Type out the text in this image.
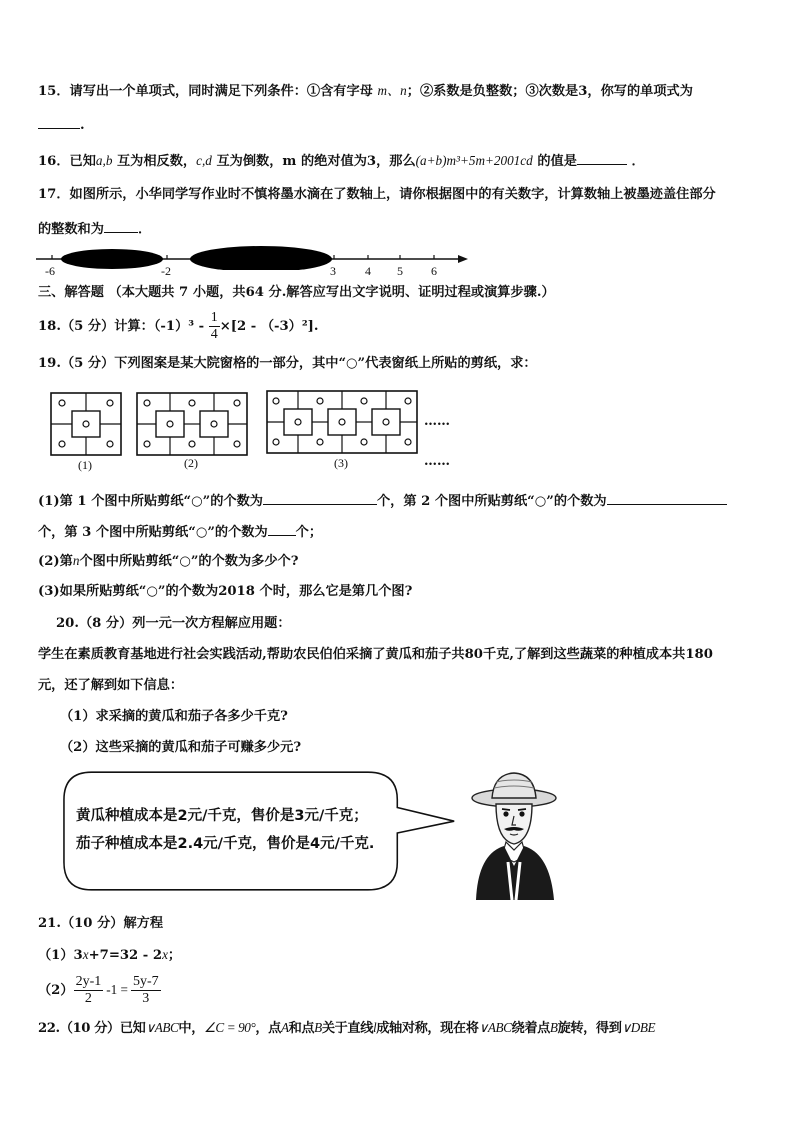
15．请写出一个单项式，同时满足下列条件：①含有字母 m、n；②系数是负整数；③次数是3，你写的单项式为
.
16．已知a,b 互为相反数，c,d 互为倒数，m 的绝对值为3，那么(a+b)m³+5m+2001cd 的值是	．
17．如图所示，小华同学写作业时不慎将墨水滴在了数轴上，请你根据图中的有关数字，计算数轴上被墨迹盖住部分
的整数和为	．
-6	-2	3 4 5 6
三、解答题 （本大题共 7 小题，共64 分.解答应写出文字说明、证明过程或演算步骤.）
18.（5 分）计算：$(-1)^3 - \frac{1}{4} \times[2 - (-3)^2]$.
19.（5 分）下列图案是某大院窗格的一部分，其中“○”代表窗纸上所贴的剪纸，求：
……
……
(1)	(2)	(3)
(1)第 1 个图中所贴剪纸“○”的个数为	个，第 2 个图中所贴剪纸“○”的个数为
个，第 3 个图中所贴剪纸“○”的个数为 个；
(2)第n个图中所贴剪纸“○”的个数为多少个?
(3)如果所贴剪纸“○”的个数为2018 个时，那么它是第几个图?
20.（8 分）列一元一次方程解应用题：
学生在素质教育基地进行社会实践活动,帮助农民伯伯采摘了黄瓜和茄子共80千克,了解到这些蔬菜的种植成本共180
元，还了解到如下信息：
（1）求采摘的黄瓜和茄子各多少千克?
（2）这些采摘的黄瓜和茄子可赚多少元?
黄瓜种植成本是2元/千克，售价是3元/千克；
茄子种植成本是2.4元/千克，售价是4元/千克.
21.（10 分）解方程
（1）3x+7=32 - 2x；
$(2) \frac{2y-1}{2} -1 = \frac{5y-7}{3}$
22.（10 分）已知∨ABC中，∠C = 90°，点A和点B关于直线l成轴对称，现在将∨ABC绕着点B旋转，得到∨DBE
